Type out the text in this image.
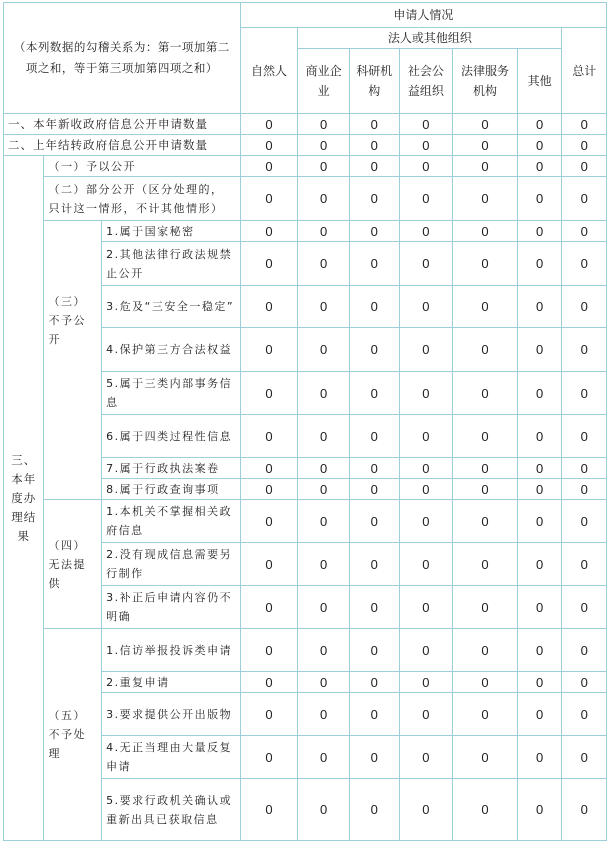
（本列数据的勾稽关系为：第一项加第二项之和，等于第三项加第四项之和）			申请人情况						
			自然人	法人或其他组织					总计
				商业企业	科研机构	社会公益组织	法律服务机构	其他	
一、本年新收政府信息公开申请数量			0	0	0	0	0	0	0
二、上年结转政府信息公开申请数量			0	0	0	0	0	0	0
三、本年度办理结果	（一）予以公开		0	0	0	0	0	0	0
	（二）部分公开（区分处理的，只计这一情形，不计其他情形）		0	0	0	0	0	0	0
	（三）不予公开	1.属于国家秘密	0	0	0	0	0	0	0
		2.其他法律行政法规禁止公开	0	0	0	0	0	0	0
		3.危及“三安全一稳定”	0	0	0	0	0	0	0
		4.保护第三方合法权益	0	0	0	0	0	0	0
		5.属于三类内部事务信息	0	0	0	0	0	0	0
		6.属于四类过程性信息	0	0	0	0	0	0	0
		7.属于行政执法案卷	0	0	0	0	0	0	0
		8.属于行政查询事项	0	0	0	0	0	0	0
	（四）无法提供	1.本机关不掌握相关政府信息	0	0	0	0	0	0	0
		2.没有现成信息需要另行制作	0	0	0	0	0	0	0
		3.补正后申请内容仍不明确	0	0	0	0	0	0	0
	（五）不予处理	1.信访举报投诉类申请	0	0	0	0	0	0	0
		2.重复申请	0	0	0	0	0	0	0
		3.要求提供公开出版物	0	0	0	0	0	0	0
		4.无正当理由大量反复申请	0	0	0	0	0	0	0
		5.要求行政机关确认或重新出具已获取信息	0	0	0	0	0	0	0
